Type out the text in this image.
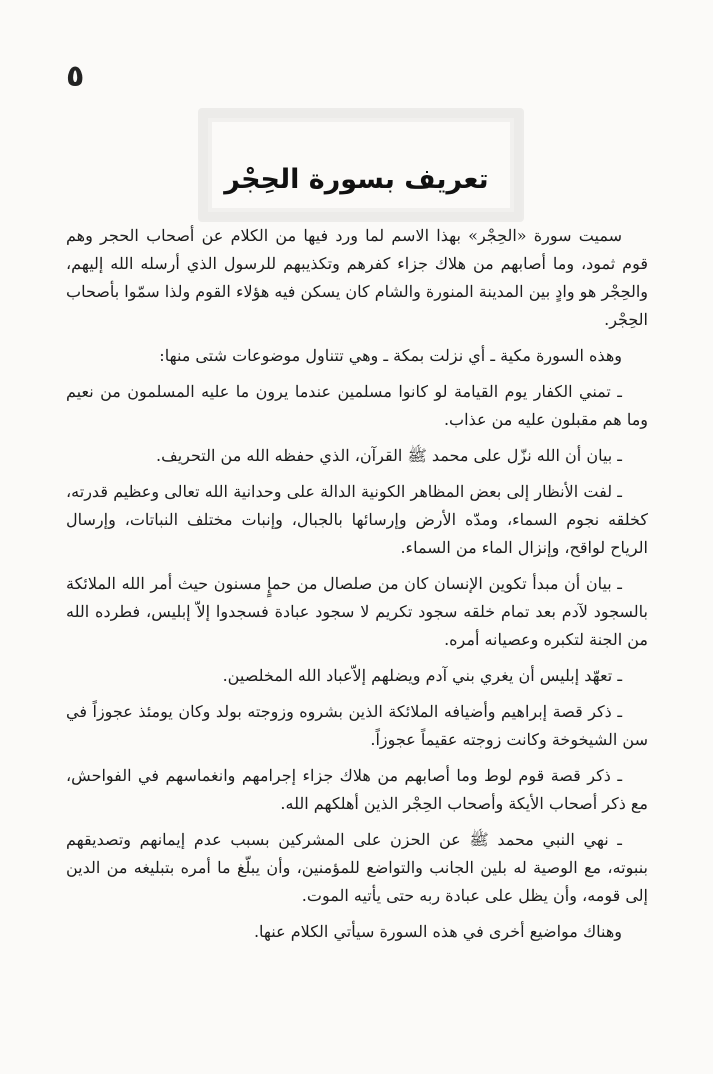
٥
تعريف بسورة الحِجْر

سميت سورة «الحِجْر» بهذا الاسم لما ورد فيها من الكلام عن أصحاب الحجر وهم قوم ثمود، وما أصابهم من هلاك جزاء كفرهم وتكذيبهم للرسول الذي أرسله الله إليهم، والحِجْر هو وادٍ بين المدينة المنورة والشام كان يسكن فيه هؤلاء القوم ولذا سمّوا بأصحاب الحِجْر.

وهذه السورة مكية ـ أي نزلت بمكة ـ وهي تتناول موضوعات شتى منها:

ـ تمني الكفار يوم القيامة لو كانوا مسلمين عندما يرون ما عليه المسلمون من نعيم وما هم مقبلون عليه من عذاب.

ـ بيان أن الله نزّل على محمد ﷺ القرآن، الذي حفظه الله من التحريف.

ـ لفت الأنظار إلى بعض المظاهر الكونية الدالة على وحدانية الله تعالى وعظيم قدرته، كخلقه نجوم السماء، ومدّه الأرض وإرسائها بالجبال، وإنبات مختلف النباتات، وإرسال الرياح لواقح، وإنزال الماء من السماء.

ـ بيان أن مبدأ تكوين الإنسان كان من صلصال من حمإٍ مسنون حيث أمر الله الملائكة بالسجود لآدم بعد تمام خلقه سجود تكريم لا سجود عبادة فسجدوا إلاّ إبليس، فطرده الله من الجنة لتكبره وعصيانه أمره.

ـ تعهّد إبليس أن يغري بني آدم ويضلهم إلاّعباد الله المخلصين.

ـ ذكر قصة إبراهيم وأضيافه الملائكة الذين بشروه وزوجته بولد وكان يومئذ عجوزاً في سن الشيخوخة وكانت زوجته عقيماً عجوزاً.

ـ ذكر قصة قوم لوط وما أصابهم من هلاك جزاء إجرامهم وانغماسهم في الفواحش، مع ذكر أصحاب الأيكة وأصحاب الحِجْر الذين أهلكهم الله.

ـ نهي النبي محمد ﷺ عن الحزن على المشركين بسبب عدم إيمانهم وتصديقهم بنبوته، مع الوصية له بلين الجانب والتواضع للمؤمنين، وأن يبلّغ ما أمره بتبليغه من الدين إلى قومه، وأن يظل على عبادة ربه حتى يأتيه الموت.

وهناك مواضيع أخرى في هذه السورة سيأتي الكلام عنها.
